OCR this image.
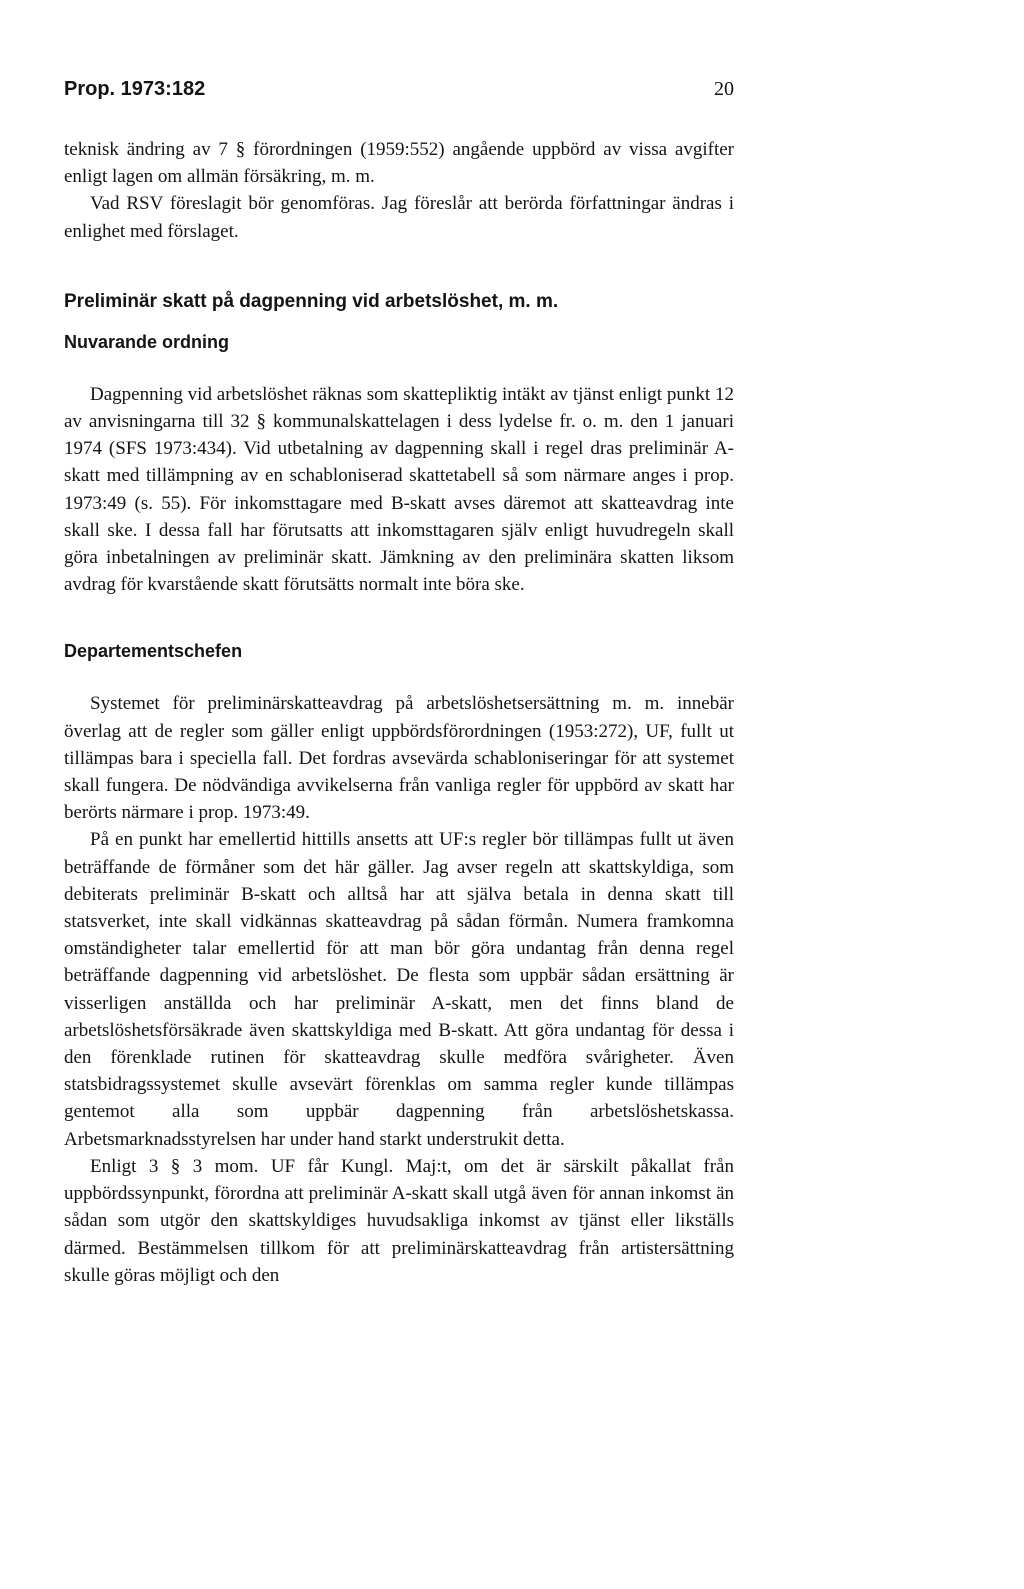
Prop. 1973:182	20

teknisk ändring av 7 § förordningen (1959:552) angående uppbörd av vissa avgifter enligt lagen om allmän försäkring, m. m.

Vad RSV föreslagit bör genomföras. Jag föreslår att berörda författningar ändras i enlighet med förslaget.

Preliminär skatt på dagpenning vid arbetslöshet, m. m.
Nuvarande ordning

Dagpenning vid arbetslöshet räknas som skattepliktig intäkt av tjänst enligt punkt 12 av anvisningarna till 32 § kommunalskattelagen i dess lydelse fr. o. m. den 1 januari 1974 (SFS 1973:434). Vid utbetalning av dagpenning skall i regel dras preliminär A-skatt med tillämpning av en schabloniserad skattetabell så som närmare anges i prop. 1973:49 (s. 55). För inkomsttagare med B-skatt avses däremot att skatteavdrag inte skall ske. I dessa fall har förutsatts att inkomsttagaren själv enligt huvudregeln skall göra inbetalningen av preliminär skatt. Jämkning av den preliminära skatten liksom avdrag för kvarstående skatt förutsätts normalt inte böra ske.

Departementschefen

Systemet för preliminärskatteavdrag på arbetslöshetsersättning m. m. innebär överlag att de regler som gäller enligt uppbördsförordningen (1953:272), UF, fullt ut tillämpas bara i speciella fall. Det fordras avsevärda schabloniseringar för att systemet skall fungera. De nödvändiga avvikelserna från vanliga regler för uppbörd av skatt har berörts närmare i prop. 1973:49.

På en punkt har emellertid hittills ansetts att UF:s regler bör tillämpas fullt ut även beträffande de förmåner som det här gäller. Jag avser regeln att skattskyldiga, som debiterats preliminär B-skatt och alltså har att själva betala in denna skatt till statsverket, inte skall vidkännas skatteavdrag på sådan förmån. Numera framkomna omständigheter talar emellertid för att man bör göra undantag från denna regel beträffande dagpenning vid arbetslöshet. De flesta som uppbär sådan ersättning är visserligen anställda och har preliminär A-skatt, men det finns bland de arbetslöshetsförsäkrade även skattskyldiga med B-skatt. Att göra undantag för dessa i den förenklade rutinen för skatteavdrag skulle medföra svårigheter. Även statsbidragssystemet skulle avsevärt förenklas om samma regler kunde tillämpas gentemot alla som uppbär dagpenning från arbetslöshetskassa. Arbetsmarknadsstyrelsen har under hand starkt understrukit detta.

Enligt 3 § 3 mom. UF får Kungl. Maj:t, om det är särskilt påkallat från uppbördssynpunkt, förordna att preliminär A-skatt skall utgå även för annan inkomst än sådan som utgör den skattskyldiges huvudsakliga inkomst av tjänst eller likställs därmed. Bestämmelsen tillkom för att preliminärskatteavdrag från artistersättning skulle göras möjligt och den
